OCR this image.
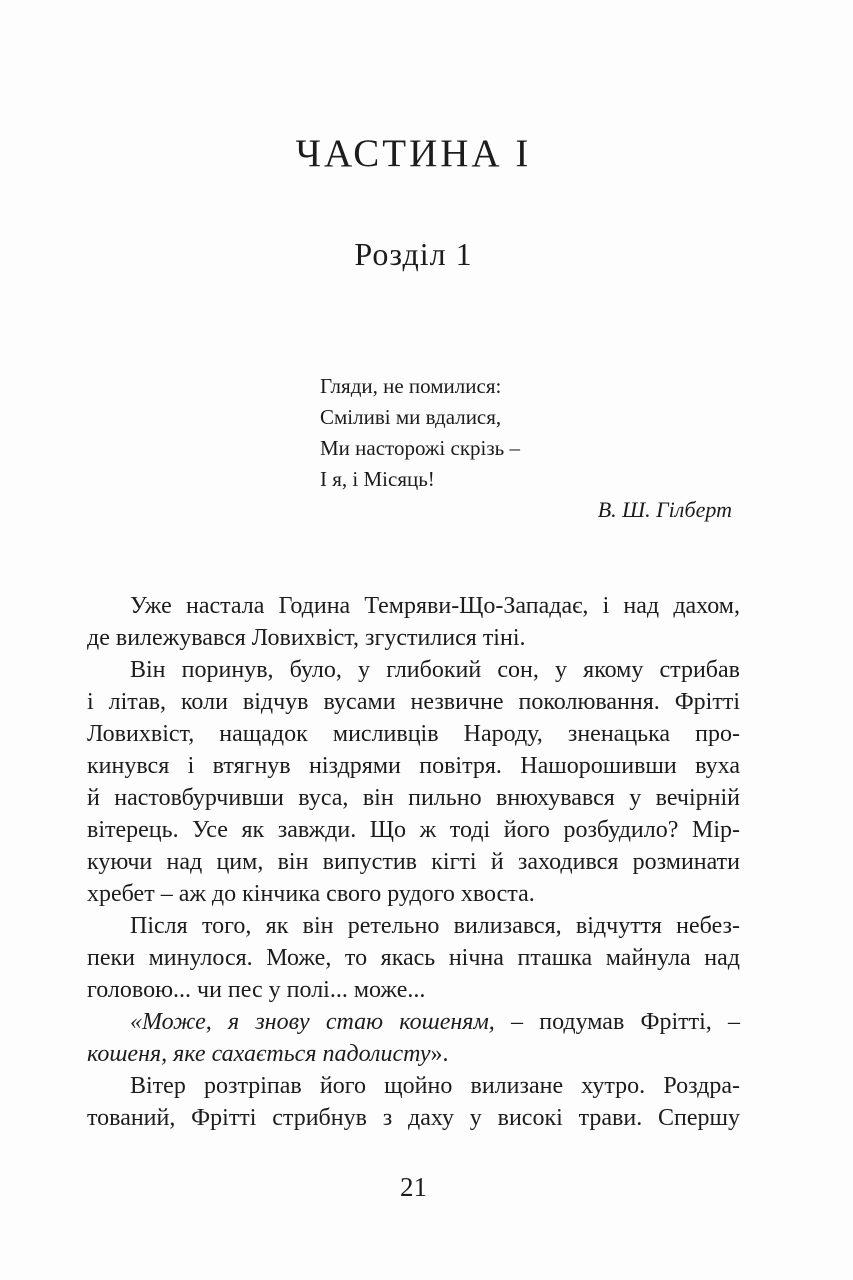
ЧАСТИНА I
Розділ 1
Гляди, не помилися:
Сміливі ми вдалися,
Ми насторожі скрізь –
І я, і Місяць!
В. Ш. Гілберт
Уже настала Година Темряви-Що-Западає, і над дахом,
де вилежувався Ловихвіст, згустилися тіні.
Він поринув, було, у глибокий сон, у якому стрибав
і літав, коли відчув вусами незвичне поколювання. Фрітті
Ловихвіст, нащадок мисливців Народу, зненацька про-
кинувся і втягнув ніздрями повітря. Нашорошивши вуха
й настовбурчивши вуса, він пильно внюхувався у вечірній
вітерець. Усе як завжди. Що ж тоді його розбудило? Мір-
куючи над цим, він випустив кігті й заходився розминати
хребет – аж до кінчика свого рудого хвоста.
Після того, як він ретельно вилизався, відчуття небез-
пеки минулося. Може, то якась нічна пташка майнула над
головою... чи пес у полі... може...
«Може, я знову стаю кошеням, – подумав Фрітті, –
кошеня, яке сахається падолисту».
Вітер розтріпав його щойно вилизане хутро. Роздра-
тований, Фрітті стрибнув з даху у високі трави. Спершу
21
